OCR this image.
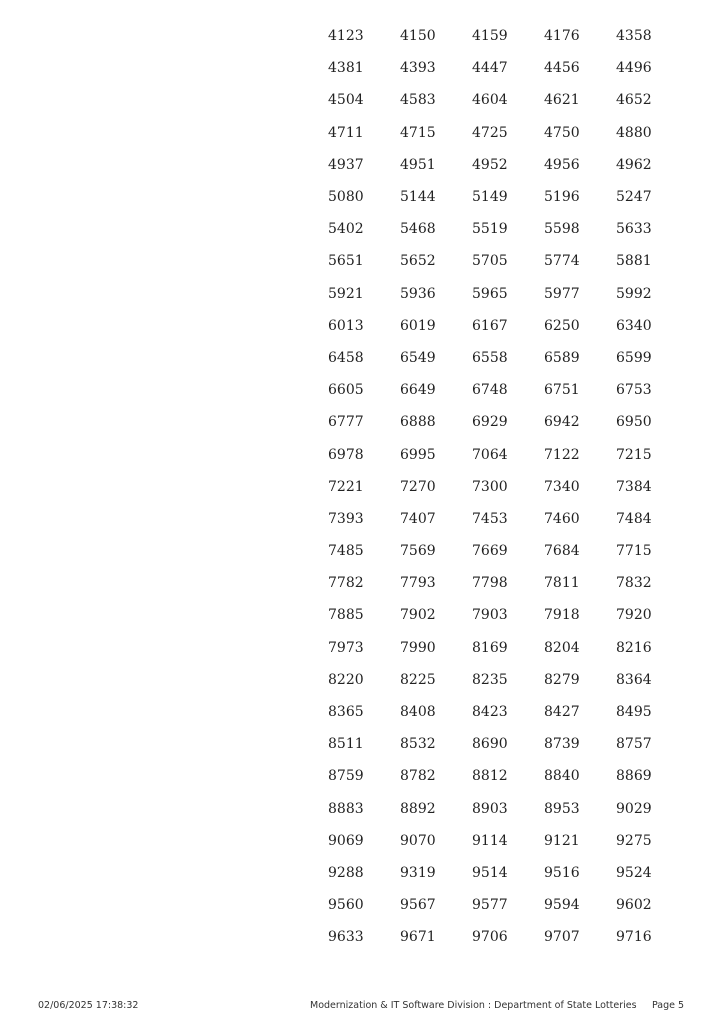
4123	4150	4159	4176	4358
4381	4393	4447	4456	4496
4504	4583	4604	4621	4652
4711	4715	4725	4750	4880
4937	4951	4952	4956	4962
5080	5144	5149	5196	5247
5402	5468	5519	5598	5633
5651	5652	5705	5774	5881
5921	5936	5965	5977	5992
6013	6019	6167	6250	6340
6458	6549	6558	6589	6599
6605	6649	6748	6751	6753
6777	6888	6929	6942	6950
6978	6995	7064	7122	7215
7221	7270	7300	7340	7384
7393	7407	7453	7460	7484
7485	7569	7669	7684	7715
7782	7793	7798	7811	7832
7885	7902	7903	7918	7920
7973	7990	8169	8204	8216
8220	8225	8235	8279	8364
8365	8408	8423	8427	8495
8511	8532	8690	8739	8757
8759	8782	8812	8840	8869
8883	8892	8903	8953	9029
9069	9070	9114	9121	9275
9288	9319	9514	9516	9524
9560	9567	9577	9594	9602
9633	9671	9706	9707	9716
02/06/2025 17:38:32	Modernization & IT Software Division : Department of State Lotteries Page 5
